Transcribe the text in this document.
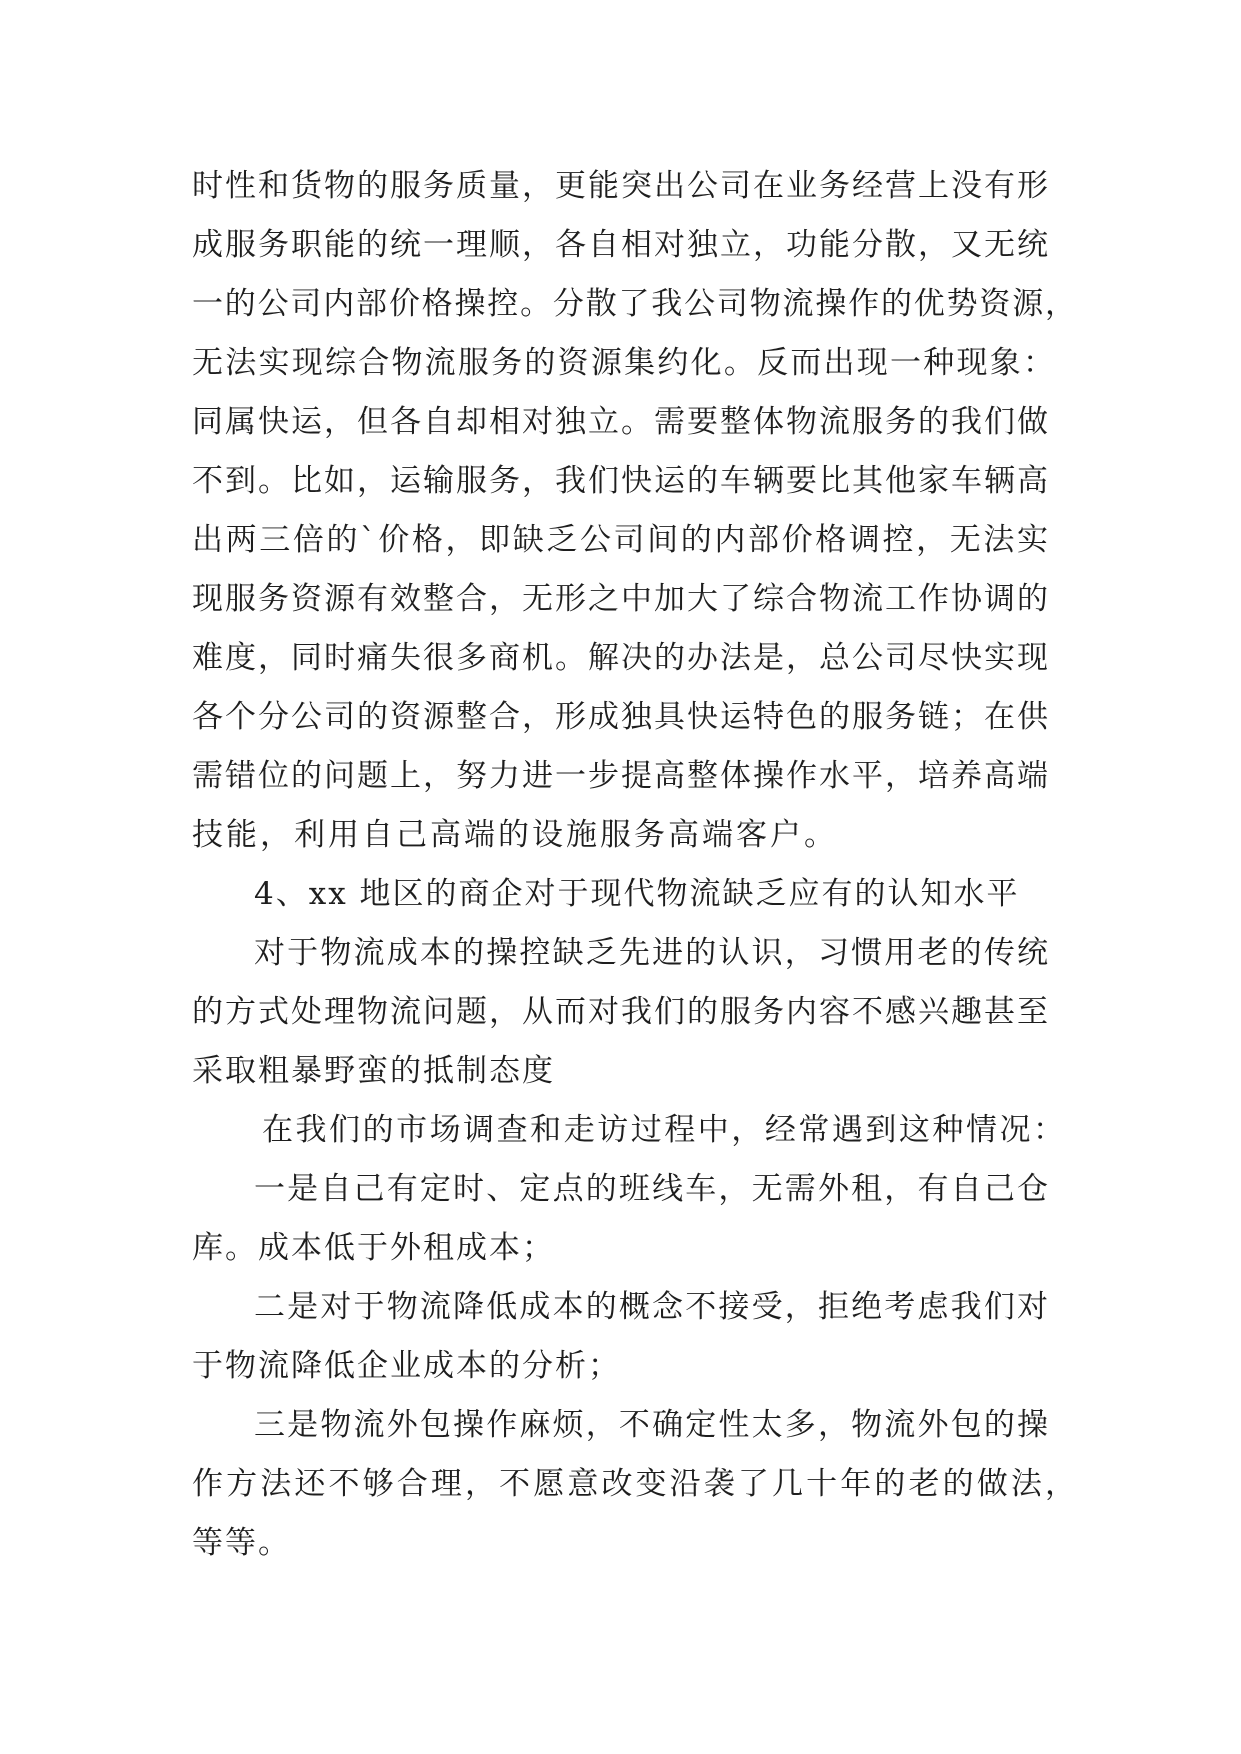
时性和货物的服务质量，更能突出公司在业务经营上没有形
成服务职能的统一理顺，各自相对独立，功能分散，又无统
一的公司内部价格操控。分散了我公司物流操作的优势资源，
无法实现综合物流服务的资源集约化。反而出现一种现象：
同属快运，但各自却相对独立。需要整体物流服务的我们做
不到。比如，运输服务，我们快运的车辆要比其他家车辆高
出两三倍的`价格，即缺乏公司间的内部价格调控，无法实
现服务资源有效整合，无形之中加大了综合物流工作协调的
难度，同时痛失很多商机。解决的办法是，总公司尽快实现
各个分公司的资源整合，形成独具快运特色的服务链；在供
需错位的问题上，努力进一步提高整体操作水平，培养高端
技能，利用自己高端的设施服务高端客户。
4、xx 地区的商企对于现代物流缺乏应有的认知水平
对于物流成本的操控缺乏先进的认识，习惯用老的传统
的方式处理物流问题，从而对我们的服务内容不感兴趣甚至
采取粗暴野蛮的抵制态度
在我们的市场调查和走访过程中，经常遇到这种情况：
一是自己有定时、定点的班线车，无需外租，有自己仓
库。成本低于外租成本；
二是对于物流降低成本的概念不接受，拒绝考虑我们对
于物流降低企业成本的分析；
三是物流外包操作麻烦，不确定性太多，物流外包的操
作方法还不够合理，不愿意改变沿袭了几十年的老的做法，
等等。
